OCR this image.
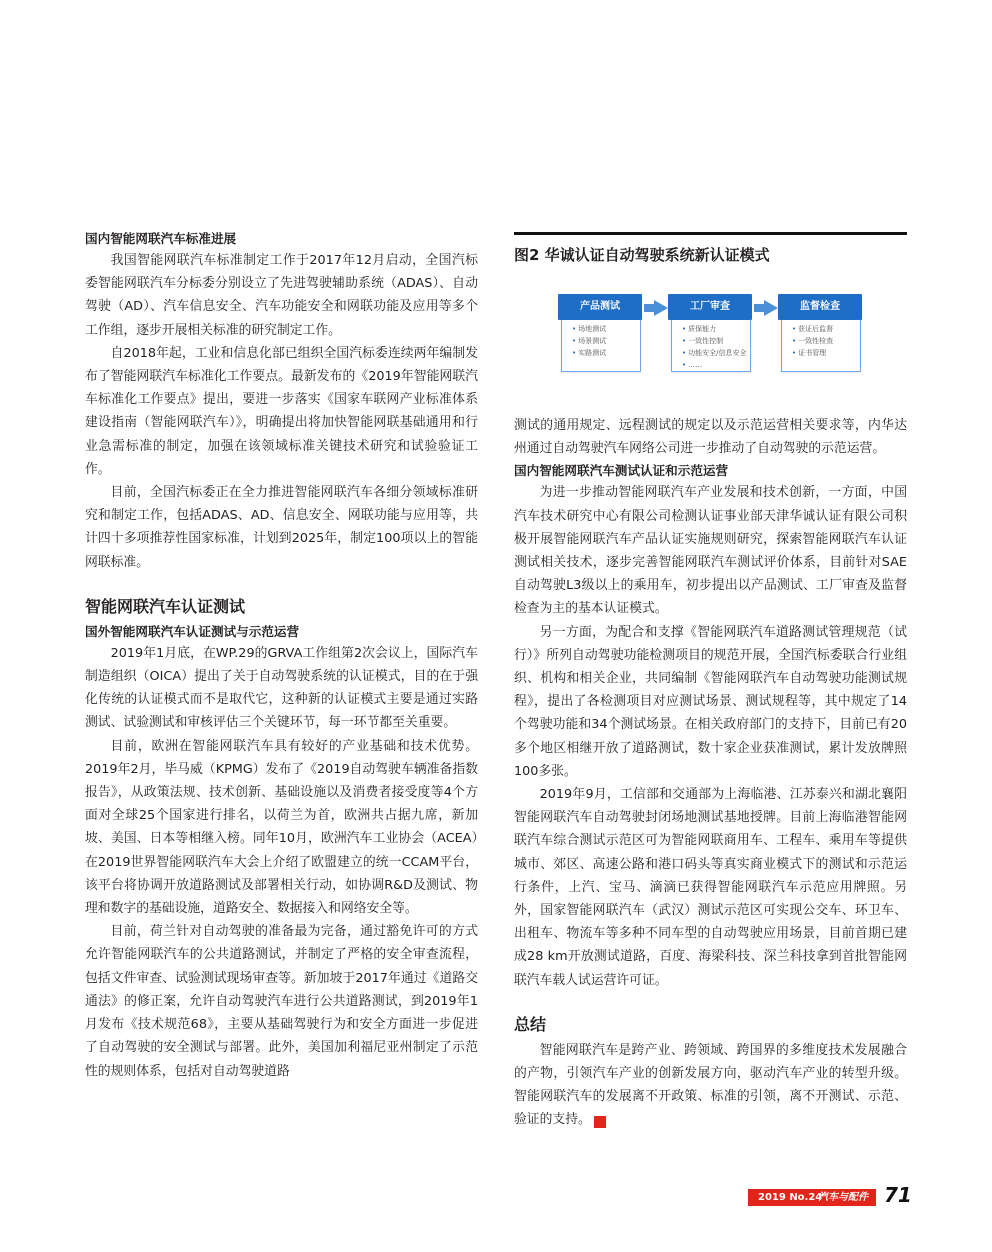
国内智能网联汽车标准进展

我国智能网联汽车标准制定工作于2017年12月启动，全国汽标委智能网联汽车分标委分别设立了先进驾驶辅助系统（ADAS）、自动驾驶（AD）、汽车信息安全、汽车功能安全和网联功能及应用等多个工作组，逐步开展相关标准的研究制定工作。

自2018年起，工业和信息化部已组织全国汽标委连续两年编制发布了智能网联汽车标准化工作要点。最新发布的《2019年智能网联汽车标准化工作要点》提出，要进一步落实《国家车联网产业标准体系建设指南（智能网联汽车）》，明确提出将加快智能网联基础通用和行业急需标准的制定，加强在该领域标准关键技术研究和试验验证工作。

目前，全国汽标委正在全力推进智能网联汽车各细分领域标准研究和制定工作，包括ADAS、AD、信息安全、网联功能与应用等，共计四十多项推荐性国家标准，计划到2025年，制定100项以上的智能网联标准。

智能网联汽车认证测试
国外智能网联汽车认证测试与示范运营

2019年1月底，在WP.29的GRVA工作组第2次会议上，国际汽车制造组织（OICA）提出了关于自动驾驶系统的认证模式，目的在于强化传统的认证模式而不是取代它，这种新的认证模式主要是通过实路测试、试验测试和审核评估三个关键环节，每一环节都至关重要。

目前，欧洲在智能网联汽车具有较好的产业基础和技术优势。2019年2月，毕马威（KPMG）发布了《2019自动驾驶车辆准备指数报告》，从政策法规、技术创新、基础设施以及消费者接受度等4个方面对全球25个国家进行排名，以荷兰为首，欧洲共占据九席，新加坡、美国、日本等相继入榜。同年10月，欧洲汽车工业协会（ACEA）在2019世界智能网联汽车大会上介绍了欧盟建立的统一CCAM平台，该平台将协调开放道路测试及部署相关行动，如协调R&D及测试、物理和数字的基础设施，道路安全、数据接入和网络安全等。

目前，荷兰针对自动驾驶的准备最为完备，通过豁免许可的方式允许智能网联汽车的公共道路测试，并制定了严格的安全审查流程，包括文件审查、试验测试现场审查等。新加坡于2017年通过《道路交通法》的修正案，允许自动驾驶汽车进行公共道路测试，到2019年1月发布《技术规范68》，主要从基础驾驶行为和安全方面进一步促进了自动驾驶的安全测试与部署。此外，美国加利福尼亚州制定了示范性的规则体系，包括对自动驾驶道路

图2 华诚认证自动驾驶系统新认证模式
• 场地测试
• 场景测试
• 实路测试
产品测试
• 质保能力
• 一致性控制
• 功能安全/信息安全
• ……
工厂审查
• 获证后监督
• 一致性检查
• 证书管理
监督检查

测试的通用规定、远程测试的规定以及示范运营相关要求等，内华达州通过自动驾驶汽车网络公司进一步推动了自动驾驶的示范运营。

国内智能网联汽车测试认证和示范运营

为进一步推动智能网联汽车产业发展和技术创新，一方面，中国汽车技术研究中心有限公司检测认证事业部天津华诚认证有限公司积极开展智能网联汽车产品认证实施规则研究，探索智能网联汽车认证测试相关技术，逐步完善智能网联汽车测试评价体系，目前针对SAE自动驾驶L3级以上的乘用车，初步提出以产品测试、工厂审查及监督检查为主的基本认证模式。

另一方面，为配合和支撑《智能网联汽车道路测试管理规范（试行）》所列自动驾驶功能检测项目的规范开展，全国汽标委联合行业组织、机构和相关企业，共同编制《智能网联汽车自动驾驶功能测试规程》，提出了各检测项目对应测试场景、测试规程等，其中规定了14个驾驶功能和34个测试场景。在相关政府部门的支持下，目前已有20多个地区相继开放了道路测试，数十家企业获准测试，累计发放牌照100多张。

2019年9月，工信部和交通部为上海临港、江苏泰兴和湖北襄阳智能网联汽车自动驾驶封闭场地测试基地授牌。目前上海临港智能网联汽车综合测试示范区可为智能网联商用车、工程车、乘用车等提供城市、郊区、高速公路和港口码头等真实商业模式下的测试和示范运行条件，上汽、宝马、滴滴已获得智能网联汽车示范应用牌照。另外，国家智能网联汽车（武汉）测试示范区可实现公交车、环卫车、出租车、物流车等多种不同车型的自动驾驶应用场景，目前首期已建成28 km开放测试道路，百度、海梁科技、深兰科技拿到首批智能网联汽车载人试运营许可证。

总结

智能网联汽车是跨产业、跨领域、跨国界的多维度技术发展融合的产物，引领汽车产业的创新发展方向，驱动汽车产业的转型升级。智能网联汽车的发展离不开政策、标准的引领，离不开测试、示范、验证的支持。	A

2019 No.24
汽车与配件 71
